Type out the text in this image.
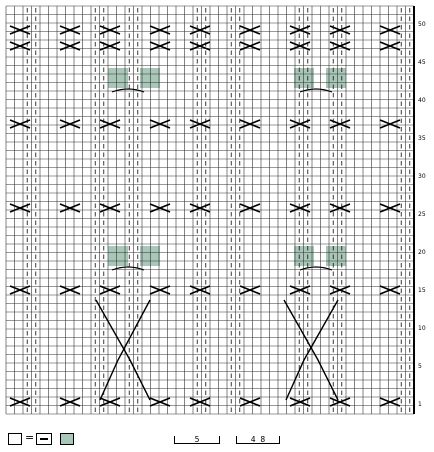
50
45
40
35
30
25
20
15
10
5
1
=	5	4 8
